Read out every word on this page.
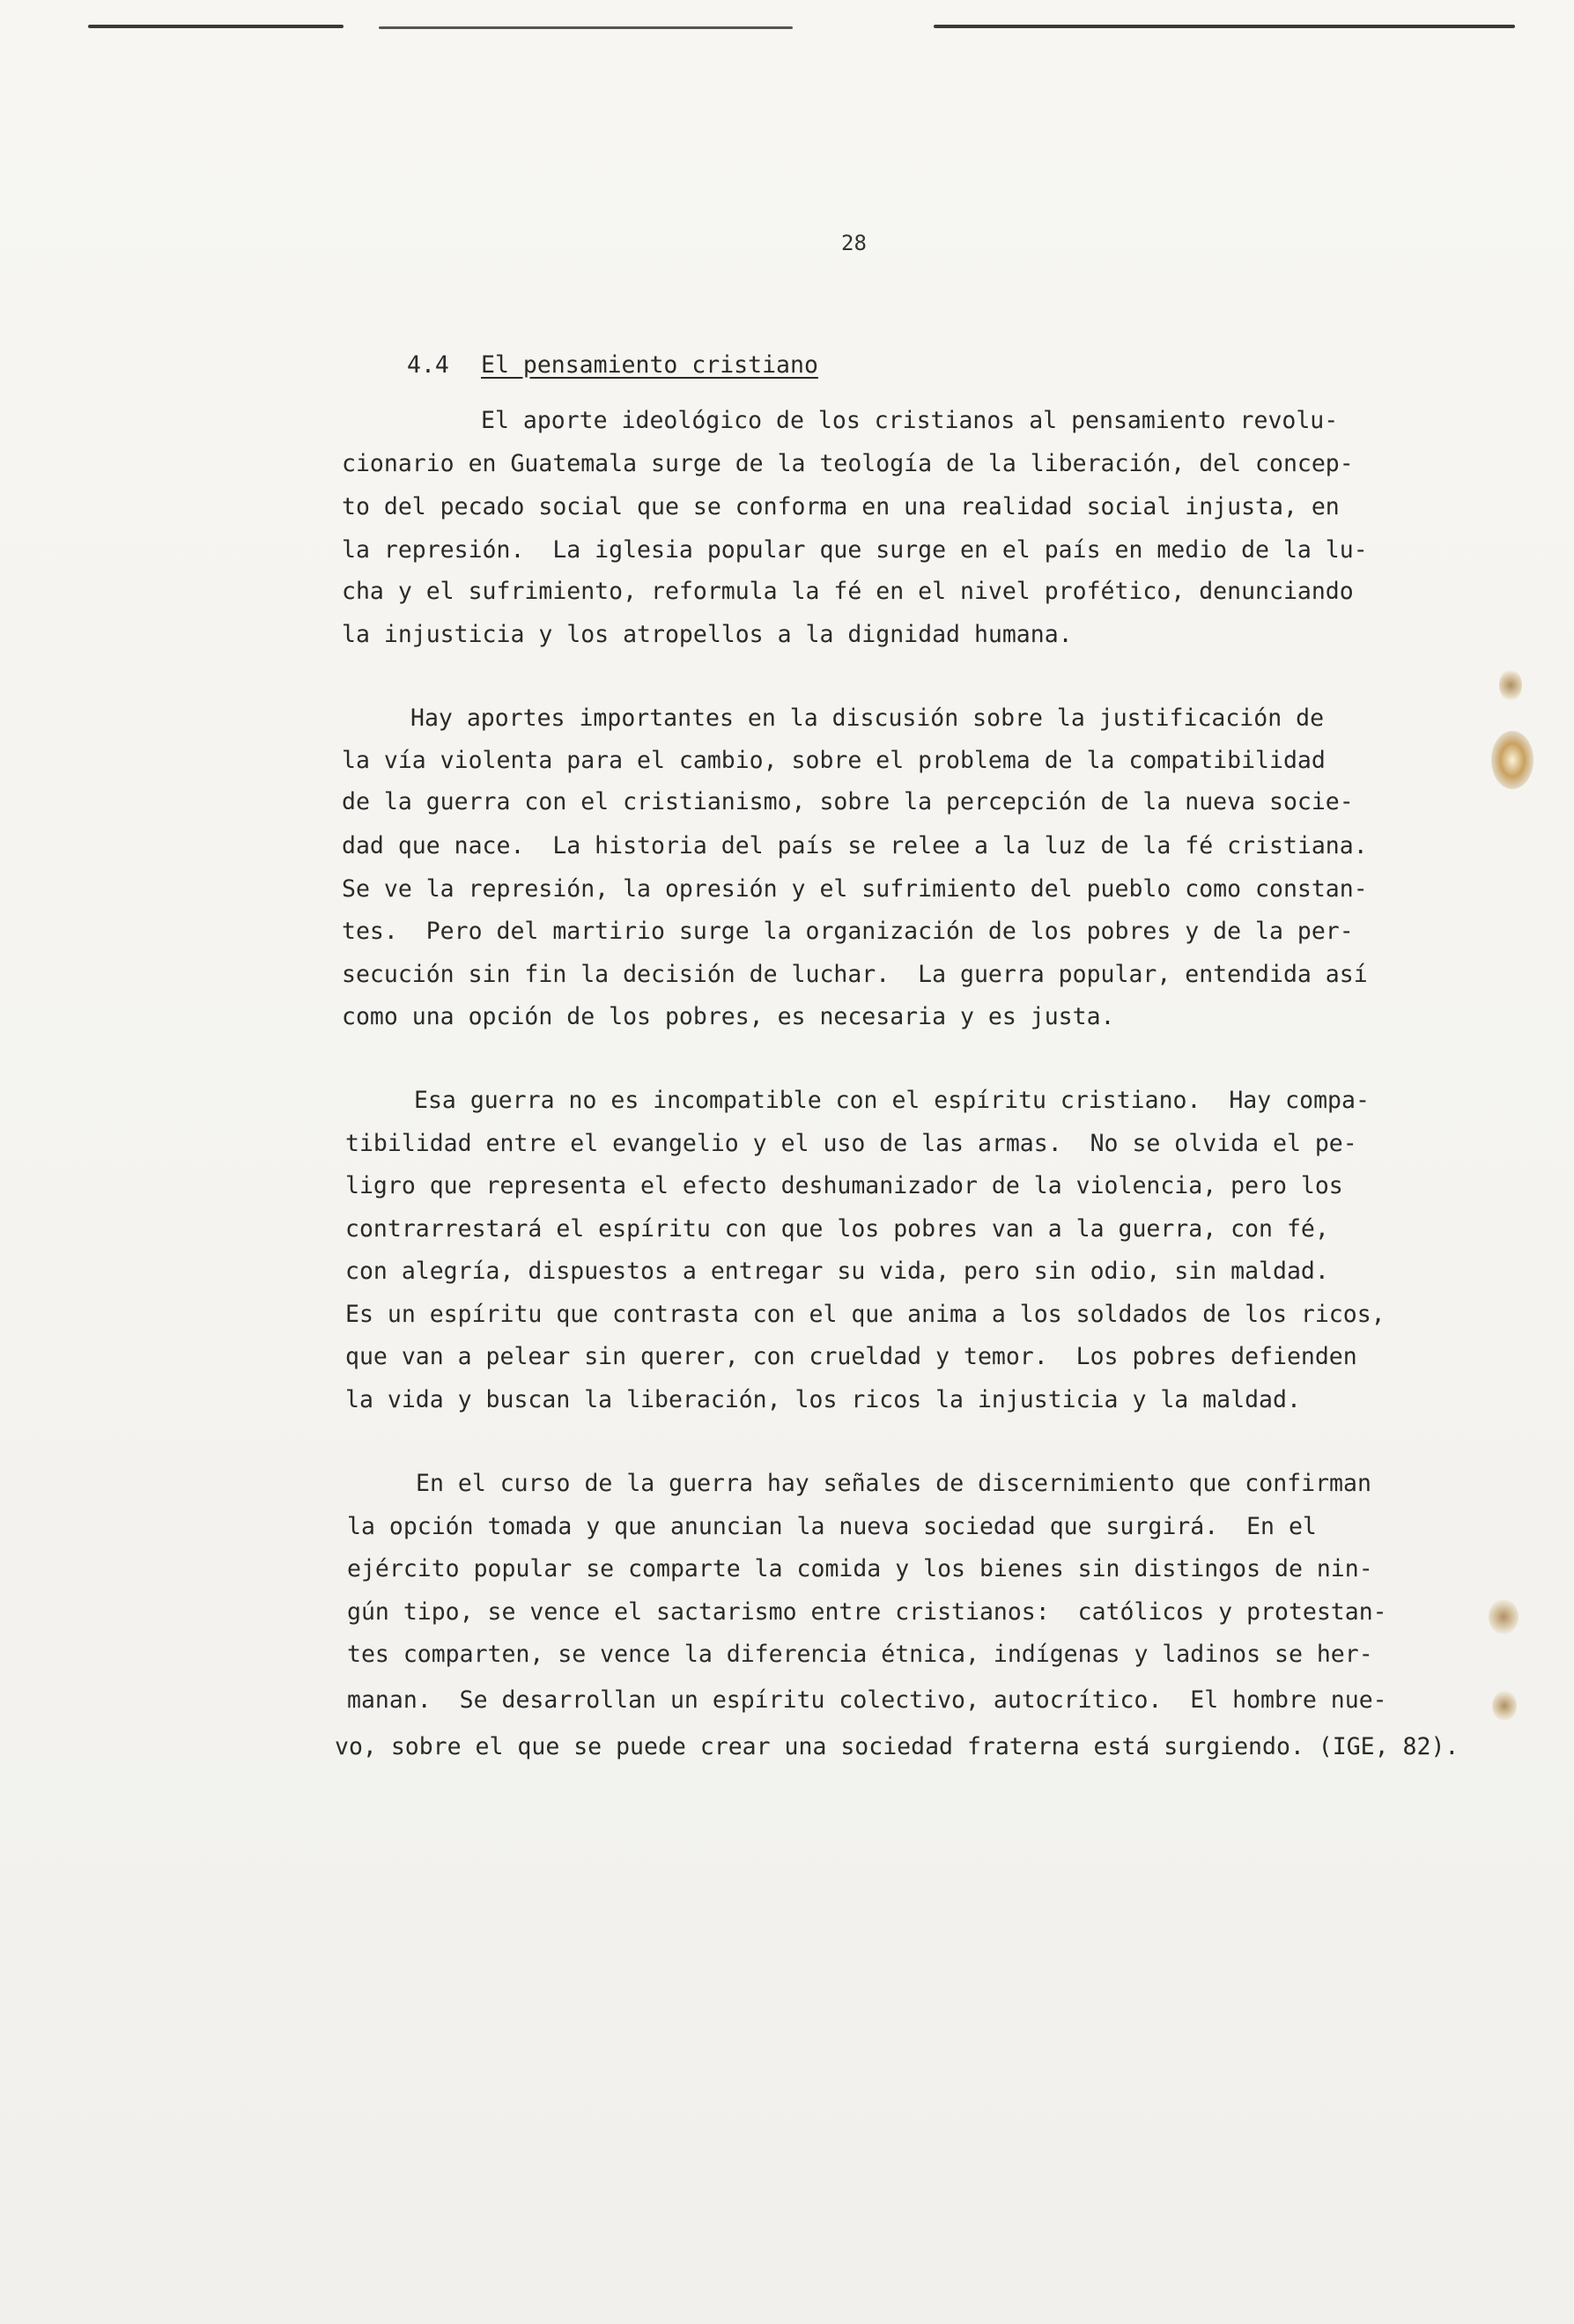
28
4.4 El pensamiento cristiano
El aporte ideológico de los cristianos al pensamiento revolu-
cionario en Guatemala surge de la teología de la liberación, del concep-
to del pecado social que se conforma en una realidad social injusta, en
la represión.  La iglesia popular que surge en el país en medio de la lu-
cha y el sufrimiento, reformula la fé en el nivel profético, denunciando
la injusticia y los atropellos a la dignidad humana.
Hay aportes importantes en la discusión sobre la justificación de
la vía violenta para el cambio, sobre el problema de la compatibilidad
de la guerra con el cristianismo, sobre la percepción de la nueva socie-
dad que nace.  La historia del país se relee a la luz de la fé cristiana.
Se ve la represión, la opresión y el sufrimiento del pueblo como constan-
tes.  Pero del martirio surge la organización de los pobres y de la per-
secución sin fin la decisión de luchar.  La guerra popular, entendida así
como una opción de los pobres, es necesaria y es justa.
Esa guerra no es incompatible con el espíritu cristiano.  Hay compa-
tibilidad entre el evangelio y el uso de las armas.  No se olvida el pe-
ligro que representa el efecto deshumanizador de la violencia, pero los
contrarrestará el espíritu con que los pobres van a la guerra, con fé,
con alegría, dispuestos a entregar su vida, pero sin odio, sin maldad.
Es un espíritu que contrasta con el que anima a los soldados de los ricos,
que van a pelear sin querer, con crueldad y temor.  Los pobres defienden
la vida y buscan la liberación, los ricos la injusticia y la maldad.
En el curso de la guerra hay señales de discernimiento que confirman
la opción tomada y que anuncian la nueva sociedad que surgirá.  En el
ejército popular se comparte la comida y los bienes sin distingos de nin-
gún tipo, se vence el sactarismo entre cristianos:  católicos y protestan-
tes comparten, se vence la diferencia étnica, indígenas y ladinos se her-
manan.  Se desarrollan un espíritu colectivo, autocrítico.  El hombre nue-
vo, sobre el que se puede crear una sociedad fraterna está surgiendo. (IGE, 82).
